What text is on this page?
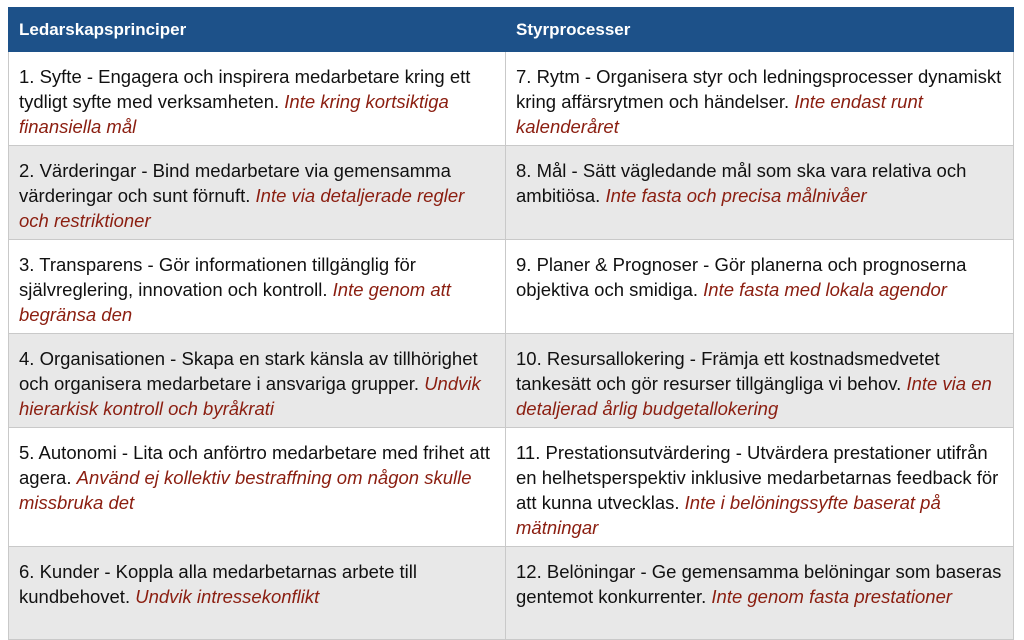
Ledarskapsprinciper	Styrprocesser
1. Syfte - Engagera och inspirera medarbetare kring ett tydligt syfte med verksamheten. Inte kring kortsiktiga finansiella mål	7. Rytm - Organisera styr och ledningsprocesser dynamiskt kring affärsrytmen och händelser. Inte endast runt kalenderåret
2. Värderingar - Bind medarbetare via gemensamma värderingar och sunt förnuft. Inte via detaljerade regler och restriktioner	8. Mål - Sätt vägledande mål som ska vara relativa och ambitiösa. Inte fasta och precisa målnivåer
3. Transparens - Gör informationen tillgänglig för självreglering, innovation och kontroll. Inte genom att begränsa den	9. Planer & Prognoser - Gör planerna och prognoserna objektiva och smidiga. Inte fasta med lokala agendor
4. Organisationen - Skapa en stark känsla av tillhörighet och organisera medarbetare i ansvariga grupper. Undvik hierarkisk kontroll och byråkrati	10. Resursallokering - Främja ett kostnadsmedvetet tankesätt och gör resurser tillgängliga vi behov. Inte via en detaljerad årlig budgetallokering
5. Autonomi - Lita och anförtro medarbetare med frihet att agera. Använd ej kollektiv bestraffning om någon skulle missbruka det	11. Prestationsutvärdering - Utvärdera prestationer utifrån en helhetsperspektiv inklusive medarbetarnas feedback för att kunna utvecklas. Inte i belöningssyfte baserat på mätningar
6. Kunder - Koppla alla medarbetarnas arbete till kundbehovet. Undvik intressekonflikt	12. Belöningar - Ge gemensamma belöningar som baseras gentemot konkurrenter. Inte genom fasta prestationer
